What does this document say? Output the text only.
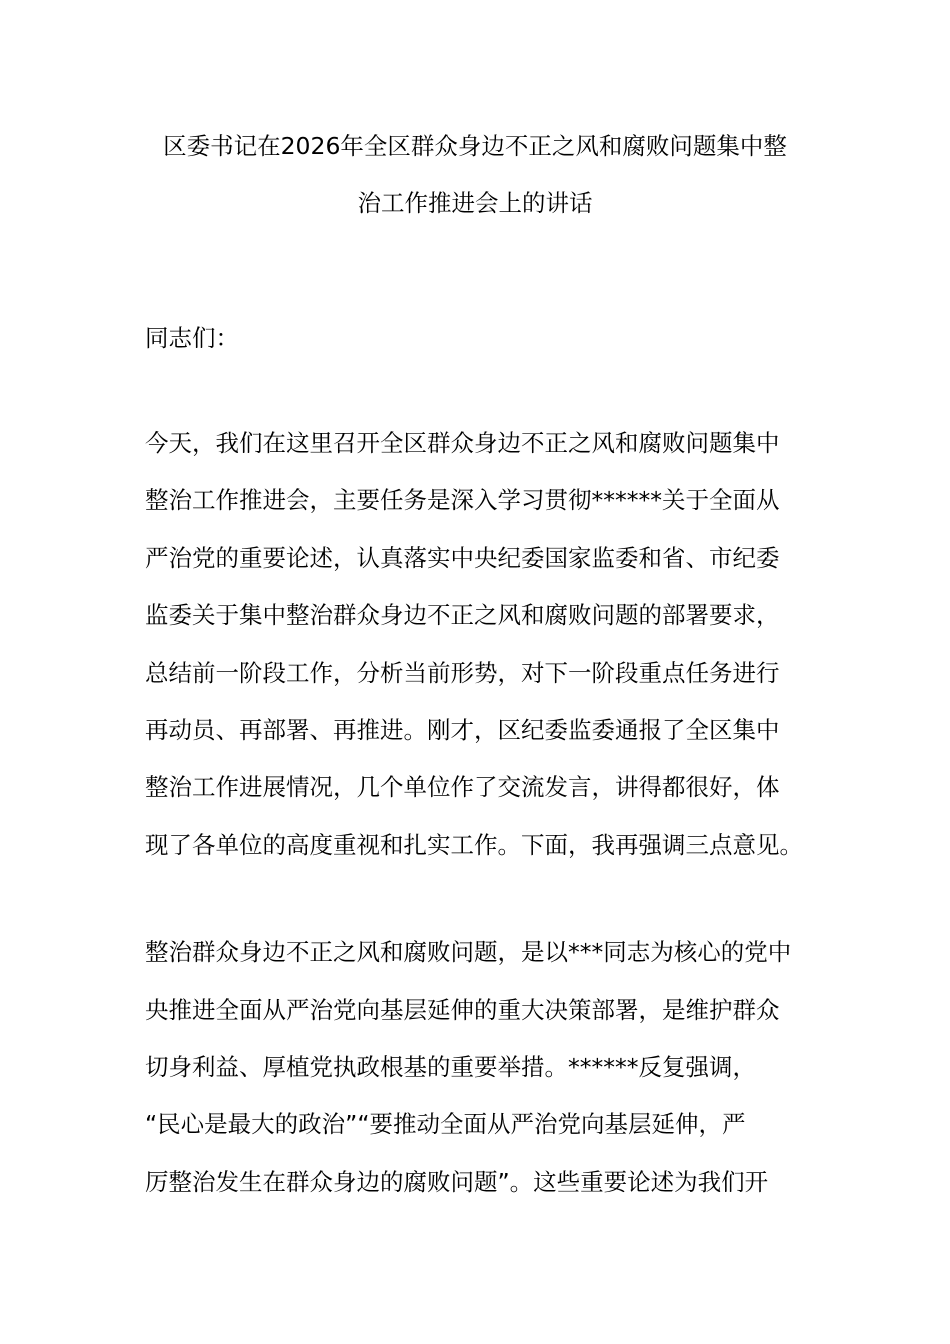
区委书记在2026年全区群众身边不正之风和腐败问题集中整
治工作推进会上的讲话
同志们：
今天，我们在这里召开全区群众身边不正之风和腐败问题集中
整治工作推进会，主要任务是深入学习贯彻******关于全面从
严治党的重要论述，认真落实中央纪委国家监委和省、市纪委
监委关于集中整治群众身边不正之风和腐败问题的部署要求，
总结前一阶段工作，分析当前形势，对下一阶段重点任务进行
再动员、再部署、再推进。刚才，区纪委监委通报了全区集中
整治工作进展情况，几个单位作了交流发言，讲得都很好，体
现了各单位的高度重视和扎实工作。下面，我再强调三点意见。
整治群众身边不正之风和腐败问题，是以***同志为核心的党中
央推进全面从严治党向基层延伸的重大决策部署，是维护群众
切身利益、厚植党执政根基的重要举措。******反复强调，
“民心是最大的政治”“要推动全面从严治党向基层延伸，严
厉整治发生在群众身边的腐败问题”。这些重要论述为我们开
